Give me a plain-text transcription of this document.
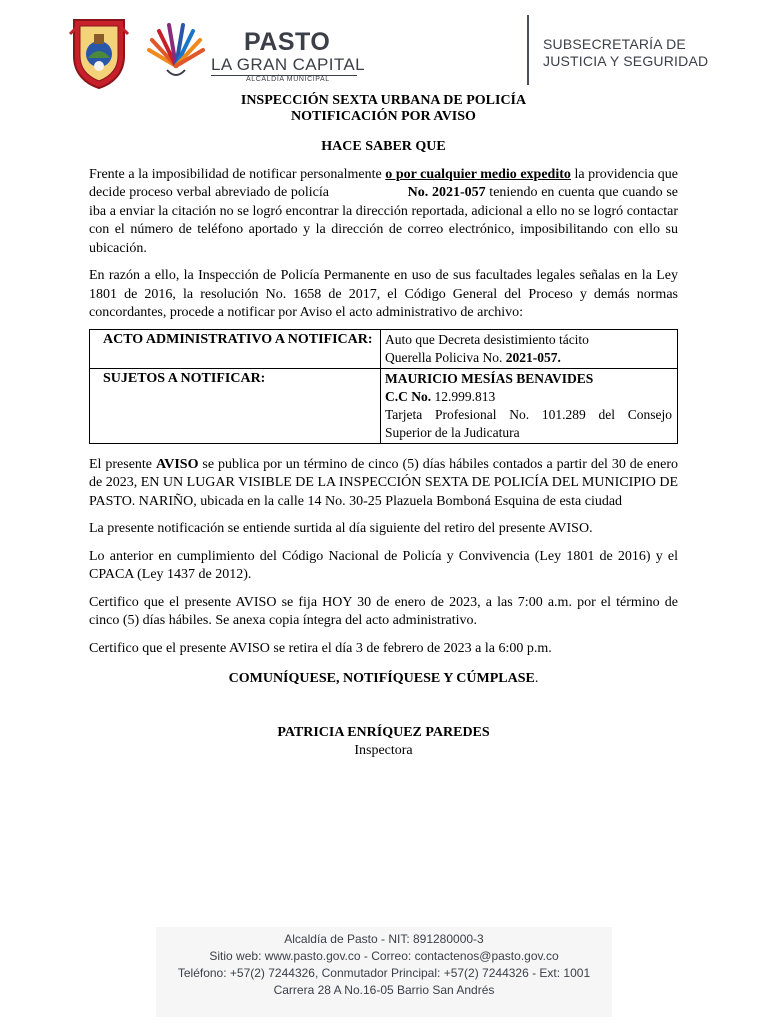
PASTO
LA GRAN CAPITAL
ALCALDÍA MUNICIPAL
SUBSECRETARÍA DE
JUSTICIA Y SEGURIDAD
INSPECCIÓN SEXTA URBANA DE POLICÍA
NOTIFICACIÓN POR AVISO
HACE SABER QUE

Frente a la imposibilidad de notificar personalmente o por cualquier medio expedito la providencia que decide proceso verbal abreviado de policía	No. 2021-057 teniendo en cuenta que cuando se iba a enviar la citación no se logró encontrar la dirección reportada, adicional a ello no se logró contactar con el número de teléfono aportado y la dirección de correo electrónico, imposibilitando con ello su ubicación.

En razón a ello, la Inspección de Policía Permanente en uso de sus facultades legales señalas en la Ley 1801 de 2016, la resolución No. 1658 de 2017, el Código General del Proceso y demás normas concordantes, procede a notificar por Aviso el acto administrativo de archivo:

ACTO ADMINISTRATIVO A NOTIFICAR:	Auto que Decreta desistimiento tácito
Querella Policiva No. 2021-057.

SUJETOS A NOTIFICAR:	MAURICIO MESÍAS BENAVIDES
C.C No. 12.999.813
Tarjeta Profesional No. 101.289 del Consejo Superior de la Judicatura

El presente AVISO se publica por un término de cinco (5) días hábiles contados a partir del 30 de enero de 2023, EN UN LUGAR VISIBLE DE LA INSPECCIÓN SEXTA DE POLICÍA DEL MUNICIPIO DE PASTO. NARIÑO, ubicada en la calle 14 No. 30-25 Plazuela Bomboná Esquina de esta ciudad

La presente notificación se entiende surtida al día siguiente del retiro del presente AVISO.

Lo anterior en cumplimiento del Código Nacional de Policía y Convivencia (Ley 1801 de 2016) y el CPACA (Ley 1437 de 2012).

Certifico que el presente AVISO se fija HOY 30 de enero de 2023, a las 7:00 a.m. por el término de cinco (5) días hábiles. Se anexa copia íntegra del acto administrativo.

Certifico que el presente AVISO se retira el día 3 de febrero de 2023 a la 6:00 p.m.

COMUNÍQUESE, NOTIFÍQUESE Y CÚMPLASE.
PATRICIA ENRÍQUEZ PAREDES
Inspectora
Alcaldía de Pasto - NIT: 891280000-3
Sitio web: www.pasto.gov.co - Correo: contactenos@pasto.gov.co
Teléfono: +57(2) 7244326, Conmutador Principal: +57(2) 7244326 - Ext: 1001
Carrera 28 A No.16-05 Barrio San Andrés
